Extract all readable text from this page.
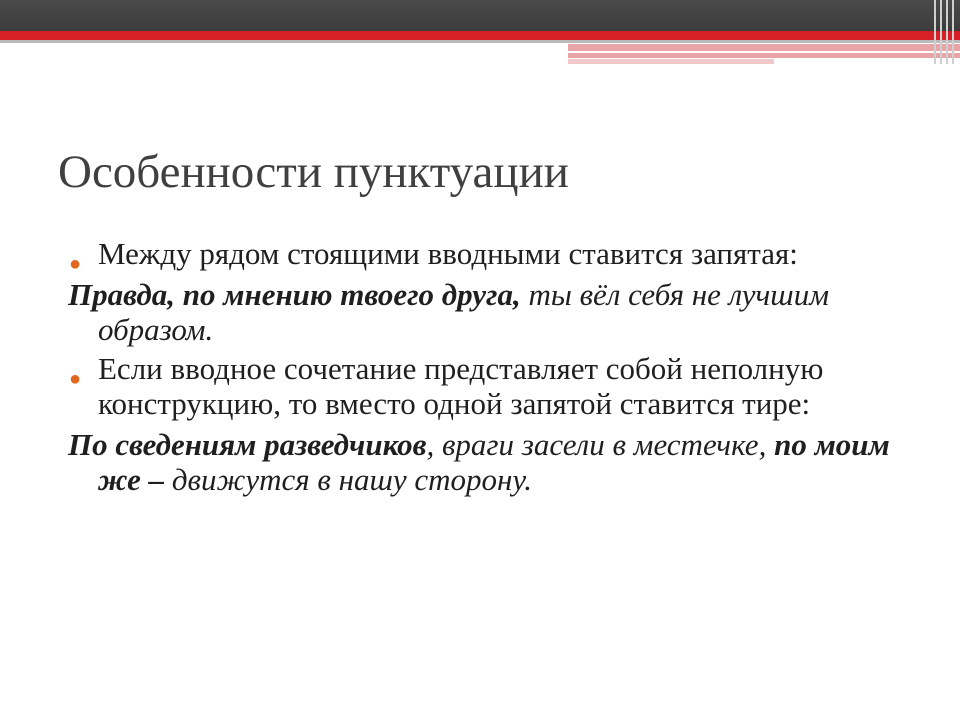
Особенности пунктуации

● Между рядом стоящими вводными ставится запятая:

Правда, по мнению твоего друга, ты вёл себя не лучшим образом.

● Если вводное сочетание представляет собой неполную конструкцию, то вместо одной запятой ставится тире:

По сведениям разведчиков, враги засели в местечке, по моим же – движутся в нашу сторону.
